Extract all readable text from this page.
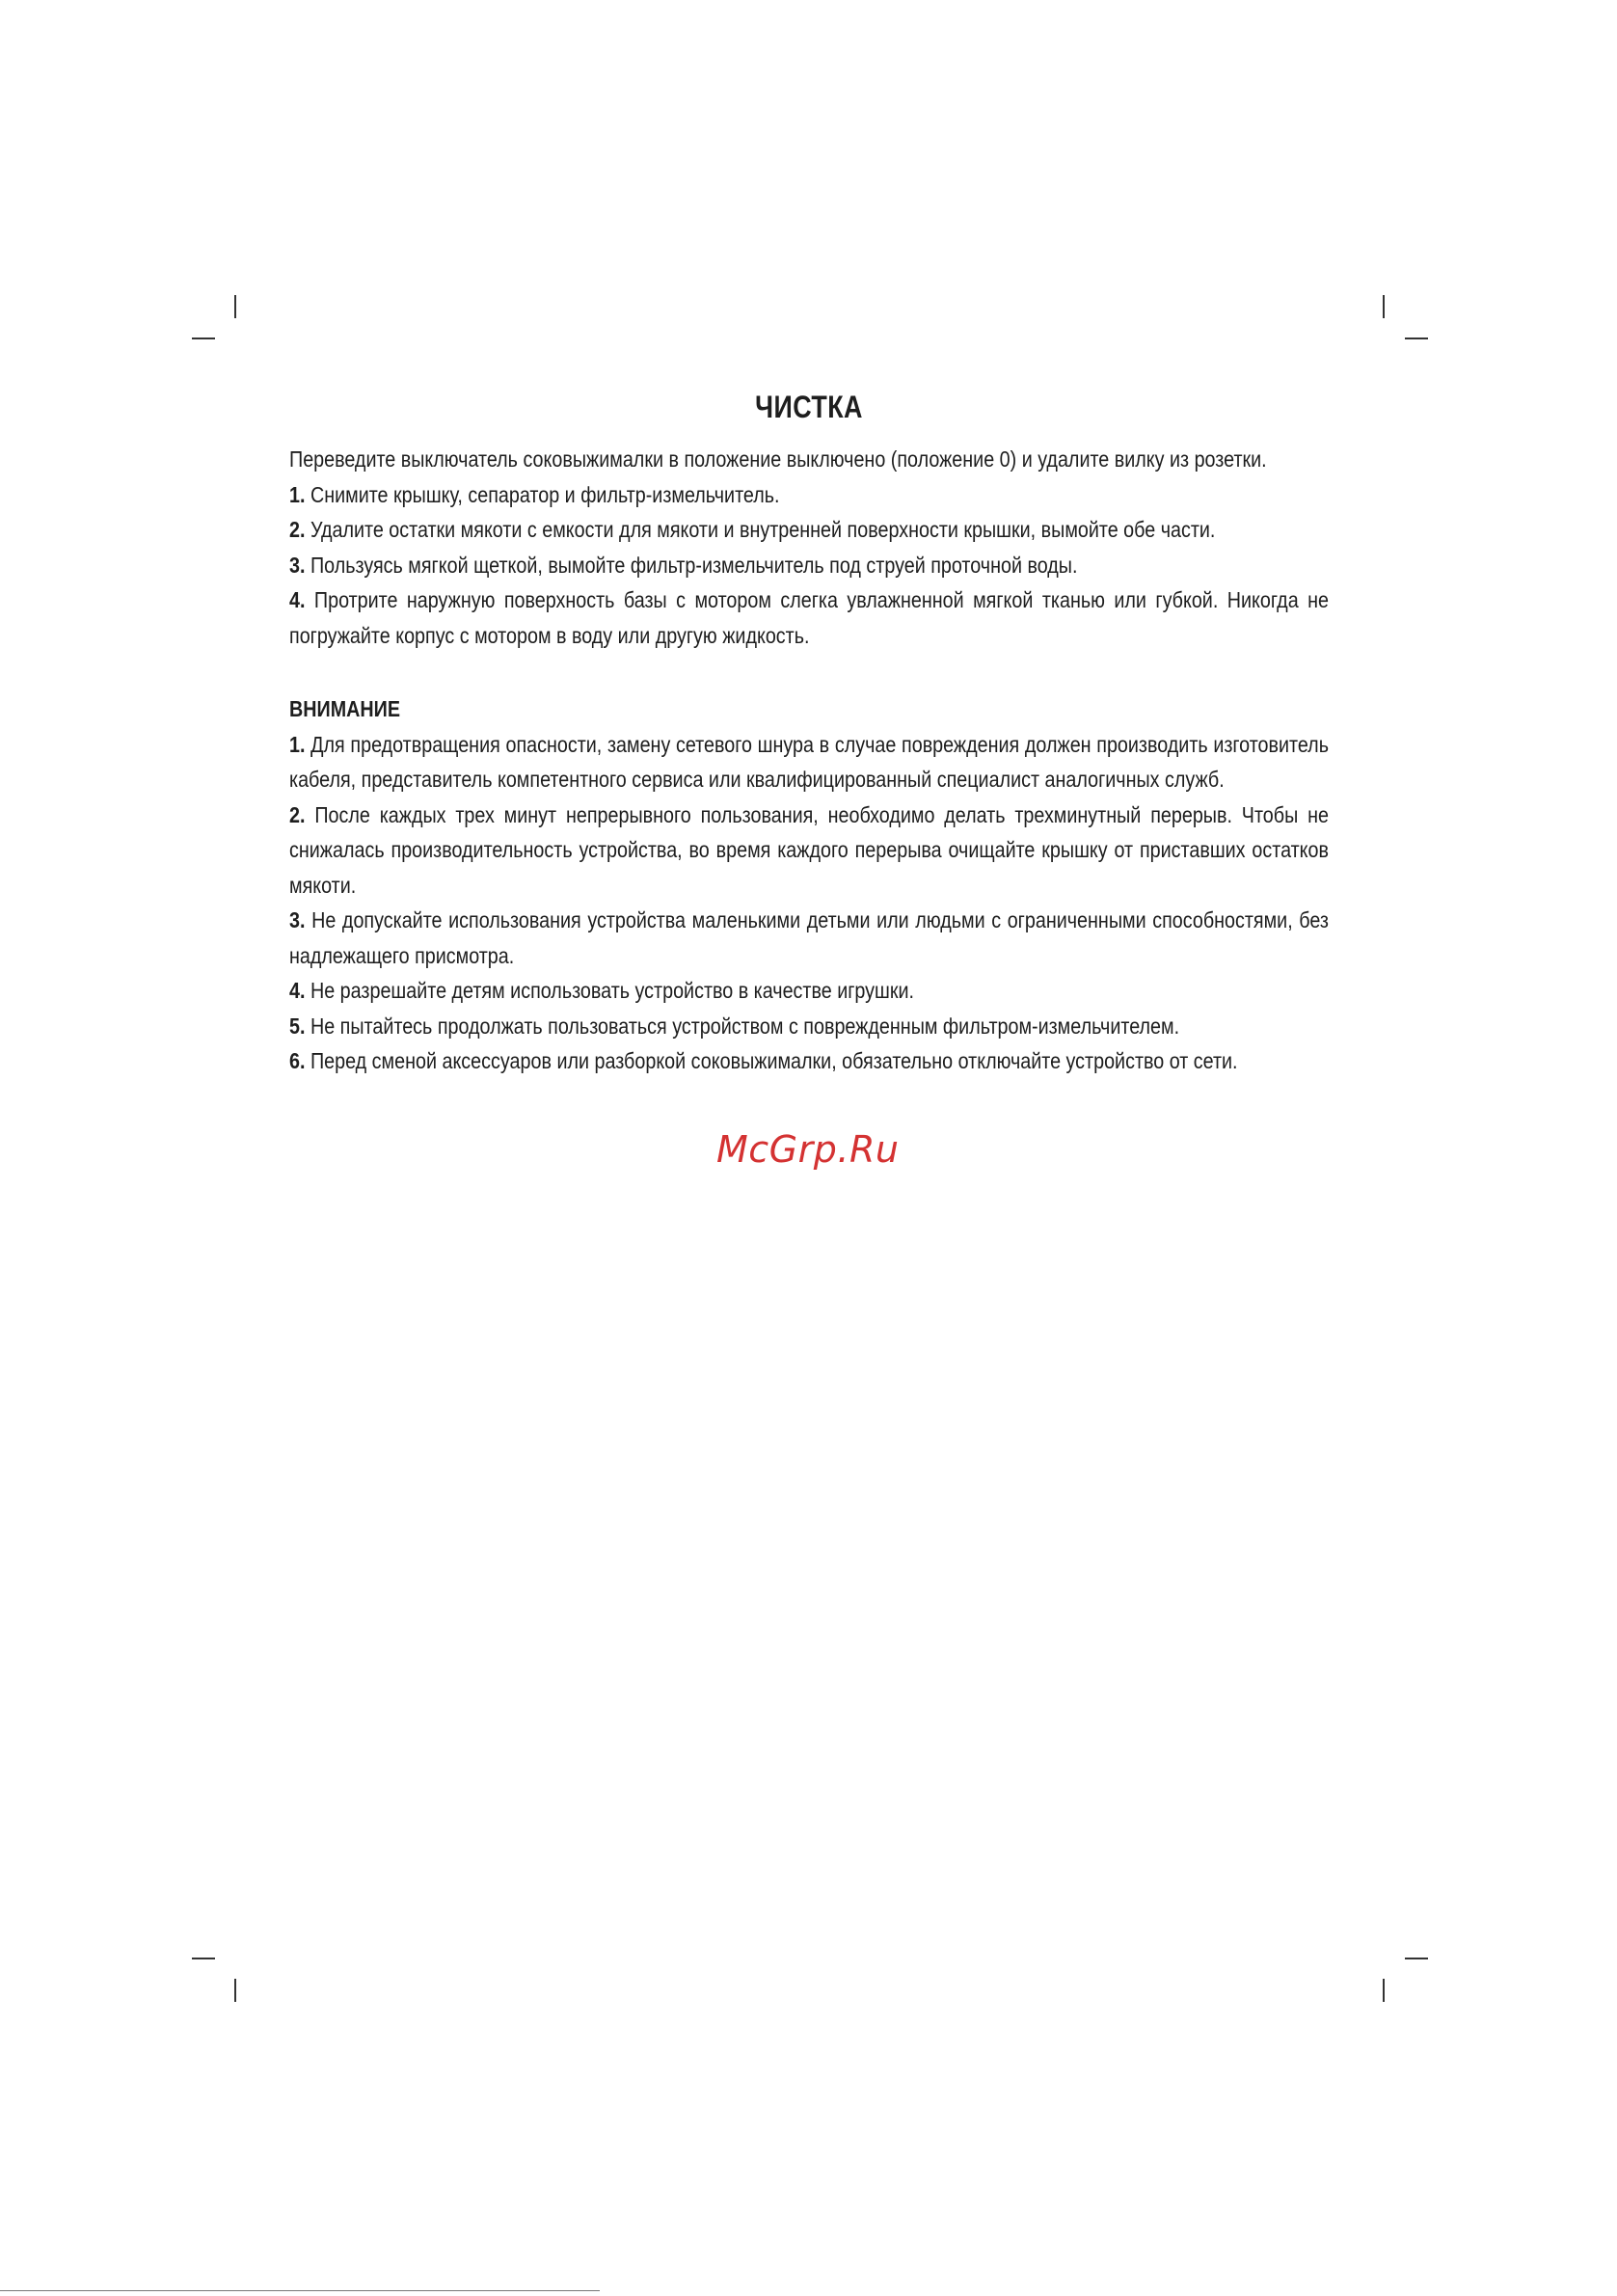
ЧИСТКА

Переведите выключатель соковыжималки в положение выключено (положение 0) и удалите вилку из розетки.

1. Снимите крышку, сепаратор и фильтр-измельчитель.

2. Удалите остатки мякоти с емкости для мякоти и внутренней поверхности крышки, вымойте обе части.

3. Пользуясь мягкой щеткой, вымойте фильтр-измельчитель под струей проточной воды.

4. Протрите наружную поверхность базы с мотором слегка увлажненной мягкой тканью или губкой. Никогда не погружайте корпус с мотором в воду или другую жидкость.

ВНИМАНИЕ

1. Для предотвращения опасности, замену сетевого шнура в случае повреждения должен производить изготовитель кабеля, представитель компетентного сервиса или квалифицированный специалист аналогичных служб.

2. После каждых трех минут непрерывного пользования, необходимо делать трехминутный перерыв. Чтобы не снижалась производительность устройства, во время каждого перерыва очищайте крышку от приставших остатков мякоти.

3. Не допускайте использования устройства маленькими детьми или людьми с ограниченными способностями, без надлежащего присмотра.

4. Не разрешайте детям использовать устройство в качестве игрушки.

5. Не пытайтесь продолжать пользоваться устройством с поврежденным фильтром-измельчителем.

6. Перед сменой аксессуаров или разборкой соковыжималки, обязательно отключайте устройство от сети.

McGrp.Ru
